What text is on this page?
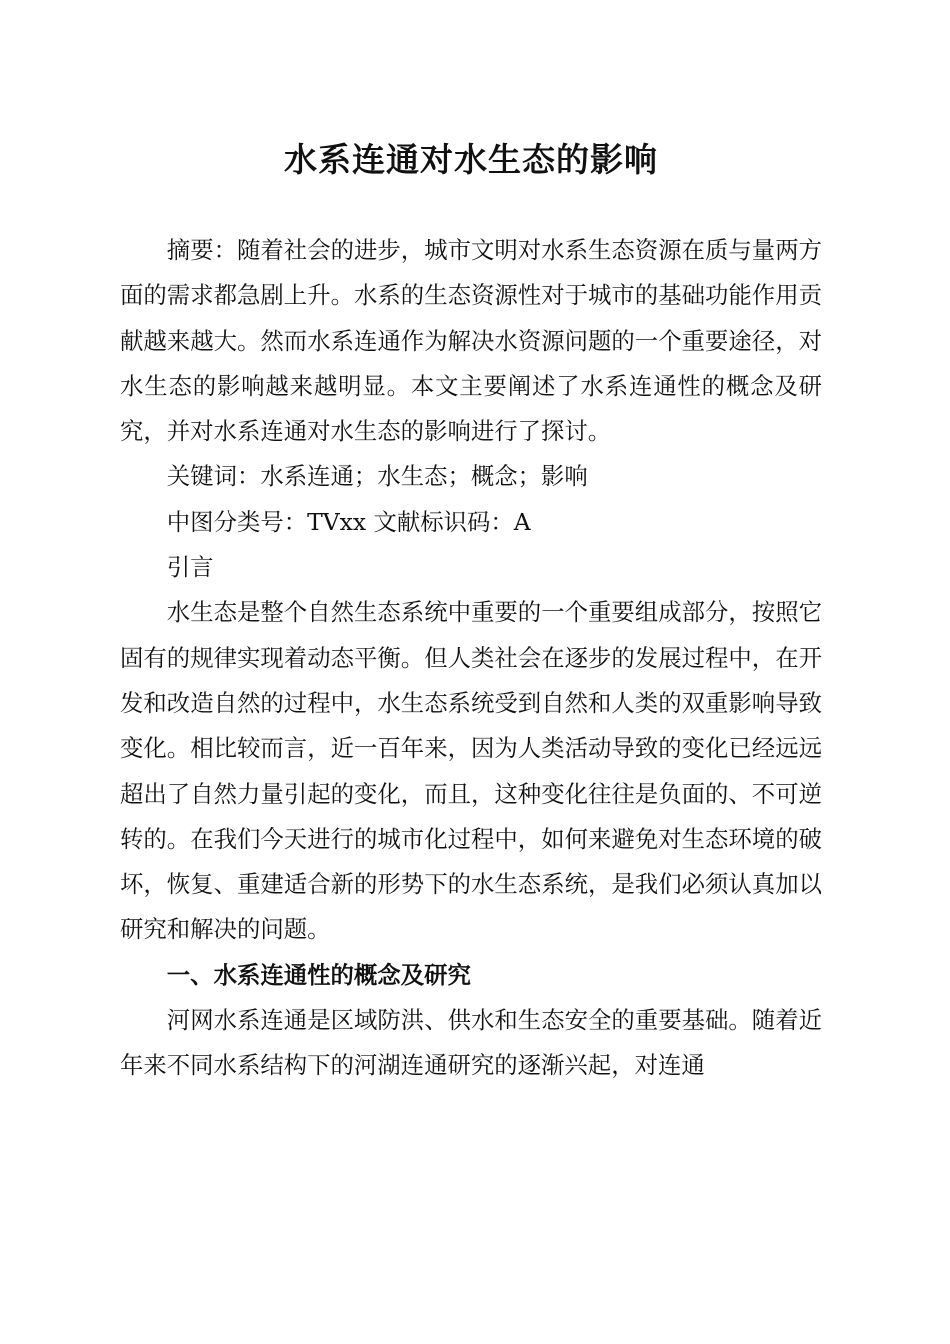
水系连通对水生态的影响

摘要：随着社会的进步，城市文明对水系生态资源在质与量两方面的需求都急剧上升。水系的生态资源性对于城市的基础功能作用贡献越来越大。然而水系连通作为解决水资源问题的一个重要途径，对水生态的影响越来越明显。本文主要阐述了水系连通性的概念及研究，并对水系连通对水生态的影响进行了探讨。

关键词：水系连通；水生态；概念；影响

中图分类号：TVxx 文献标识码：A

引言

水生态是整个自然生态系统中重要的一个重要组成部分，按照它固有的规律实现着动态平衡。但人类社会在逐步的发展过程中，在开发和改造自然的过程中，水生态系统受到自然和人类的双重影响导致变化。相比较而言，近一百年来，因为人类活动导致的变化已经远远超出了自然力量引起的变化，而且，这种变化往往是负面的、不可逆转的。在我们今天进行的城市化过程中，如何来避免对生态环境的破坏，恢复、重建适合新的形势下的水生态系统，是我们必须认真加以研究和解决的问题。

一、水系连通性的概念及研究

河网水系连通是区域防洪、供水和生态安全的重要基础。随着近年来不同水系结构下的河湖连通研究的逐渐兴起，对连通
